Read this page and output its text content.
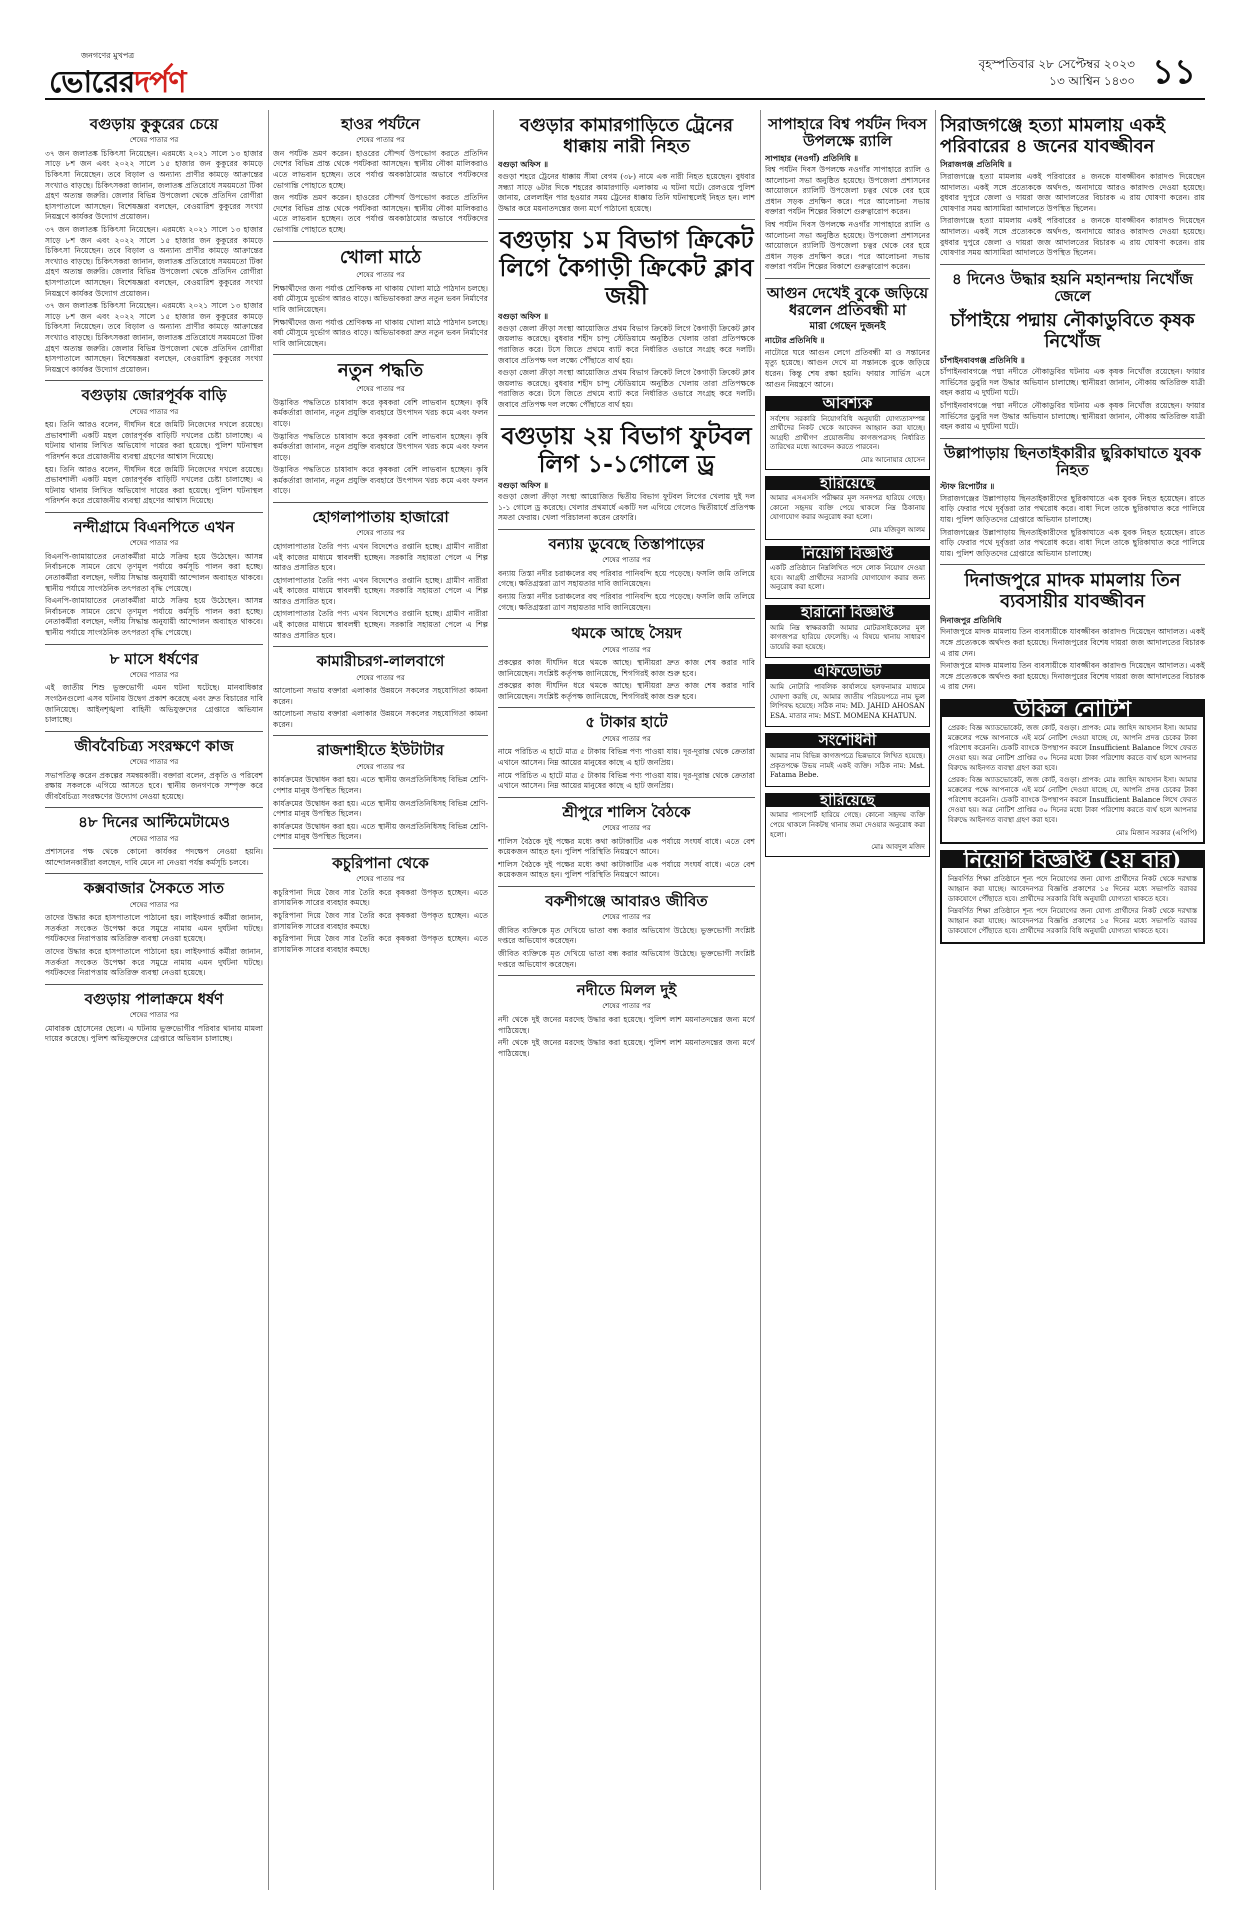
জনগণের মুখপত্র
ভোরেরদর্পণ
বৃহস্পতিবার ২৮ সেপ্টেম্বর ২০২৩
১৩ আশ্বিন ১৪৩০ ১১
বগুড়ায় কুকুরের চেয়ে
শেষের পাতার পর

৩৭ জন জলাতঙ্ক চিকিৎসা নিয়েছেন। এরমধ্যে ২০২১ সালে ১৩ হাজার সাড়ে ৮শ জন এবং ২০২২ সালে ১৫ হাজার জন কুকুরের কামড়ে চিকিৎসা নিয়েছেন। তবে বিড়াল ও অন্যান্য প্রাণীর কামড়ে আক্রান্তের সংখ্যাও বাড়ছে। চিকিৎসকরা জানান, জলাতঙ্ক প্রতিরোধে সময়মতো টিকা গ্রহণ অত্যন্ত জরুরি। জেলার বিভিন্ন উপজেলা থেকে প্রতিদিন রোগীরা হাসপাতালে আসছেন। বিশেষজ্ঞরা বলছেন, বেওয়ারিশ কুকুরের সংখ্যা নিয়ন্ত্রণে কার্যকর উদ্যোগ প্রয়োজন।

৩৭ জন জলাতঙ্ক চিকিৎসা নিয়েছেন। এরমধ্যে ২০২১ সালে ১৩ হাজার সাড়ে ৮শ জন এবং ২০২২ সালে ১৫ হাজার জন কুকুরের কামড়ে চিকিৎসা নিয়েছেন। তবে বিড়াল ও অন্যান্য প্রাণীর কামড়ে আক্রান্তের সংখ্যাও বাড়ছে। চিকিৎসকরা জানান, জলাতঙ্ক প্রতিরোধে সময়মতো টিকা গ্রহণ অত্যন্ত জরুরি। জেলার বিভিন্ন উপজেলা থেকে প্রতিদিন রোগীরা হাসপাতালে আসছেন। বিশেষজ্ঞরা বলছেন, বেওয়ারিশ কুকুরের সংখ্যা নিয়ন্ত্রণে কার্যকর উদ্যোগ প্রয়োজন।

৩৭ জন জলাতঙ্ক চিকিৎসা নিয়েছেন। এরমধ্যে ২০২১ সালে ১৩ হাজার সাড়ে ৮শ জন এবং ২০২২ সালে ১৫ হাজার জন কুকুরের কামড়ে চিকিৎসা নিয়েছেন। তবে বিড়াল ও অন্যান্য প্রাণীর কামড়ে আক্রান্তের সংখ্যাও বাড়ছে। চিকিৎসকরা জানান, জলাতঙ্ক প্রতিরোধে সময়মতো টিকা গ্রহণ অত্যন্ত জরুরি। জেলার বিভিন্ন উপজেলা থেকে প্রতিদিন রোগীরা হাসপাতালে আসছেন। বিশেষজ্ঞরা বলছেন, বেওয়ারিশ কুকুরের সংখ্যা নিয়ন্ত্রণে কার্যকর উদ্যোগ প্রয়োজন।

বগুড়ায় জোরপূর্বক বাড়ি
শেষের পাতার পর

হয়। তিনি আরও বলেন, দীর্ঘদিন ধরে জমিটি নিজেদের দখলে রয়েছে। প্রভাবশালী একটি মহল জোরপূর্বক বাড়িটি দখলের চেষ্টা চালাচ্ছে। এ ঘটনায় থানায় লিখিত অভিযোগ দায়ের করা হয়েছে। পুলিশ ঘটনাস্থল পরিদর্শন করে প্রয়োজনীয় ব্যবস্থা গ্রহণের আশ্বাস দিয়েছে।

হয়। তিনি আরও বলেন, দীর্ঘদিন ধরে জমিটি নিজেদের দখলে রয়েছে। প্রভাবশালী একটি মহল জোরপূর্বক বাড়িটি দখলের চেষ্টা চালাচ্ছে। এ ঘটনায় থানায় লিখিত অভিযোগ দায়ের করা হয়েছে। পুলিশ ঘটনাস্থল পরিদর্শন করে প্রয়োজনীয় ব্যবস্থা গ্রহণের আশ্বাস দিয়েছে।

নন্দীগ্রামে বিএনপিতে এখন
শেষের পাতার পর

বিএনপি-জামায়াতের নেতাকর্মীরা মাঠে সক্রিয় হয়ে উঠেছেন। আসন্ন নির্বাচনকে সামনে রেখে তৃণমূল পর্যায়ে কর্মসূচি পালন করা হচ্ছে। নেতাকর্মীরা বলছেন, দলীয় সিদ্ধান্ত অনুযায়ী আন্দোলন অব্যাহত থাকবে। স্থানীয় পর্যায়ে সাংগঠনিক তৎপরতা বৃদ্ধি পেয়েছে।

বিএনপি-জামায়াতের নেতাকর্মীরা মাঠে সক্রিয় হয়ে উঠেছেন। আসন্ন নির্বাচনকে সামনে রেখে তৃণমূল পর্যায়ে কর্মসূচি পালন করা হচ্ছে। নেতাকর্মীরা বলছেন, দলীয় সিদ্ধান্ত অনুযায়ী আন্দোলন অব্যাহত থাকবে। স্থানীয় পর্যায়ে সাংগঠনিক তৎপরতা বৃদ্ধি পেয়েছে।

৮ মাসে ধর্ষণের
শেষের পাতার পর

এই জাতীয় শিশু ভুক্তভোগী এমন ঘটনা ঘটেছে। মানবাধিকার সংগঠনগুলো এসব ঘটনায় উদ্বেগ প্রকাশ করেছে এবং দ্রুত বিচারের দাবি জানিয়েছে। আইনশৃঙ্খলা বাহিনী অভিযুক্তদের গ্রেপ্তারে অভিযান চালাচ্ছে।

জীববৈচিত্র্য সংরক্ষণে কাজ
শেষের পাতার পর

সভাপতিত্ব করেন প্রকল্পের সমন্বয়কারী। বক্তারা বলেন, প্রকৃতি ও পরিবেশ রক্ষায় সকলকে এগিয়ে আসতে হবে। স্থানীয় জনগণকে সম্পৃক্ত করে জীববৈচিত্র্য সংরক্ষণের উদ্যোগ নেওয়া হয়েছে।

৪৮ দিনের আল্টিমেটামেও
শেষের পাতার পর

প্রশাসনের পক্ষ থেকে কোনো কার্যকর পদক্ষেপ নেওয়া হয়নি। আন্দোলনকারীরা বলছেন, দাবি মেনে না নেওয়া পর্যন্ত কর্মসূচি চলবে।

কক্সবাজার সৈকতে সাত
শেষের পাতার পর

তাদের উদ্ধার করে হাসপাতালে পাঠানো হয়। লাইফগার্ড কর্মীরা জানান, সতর্কতা সংকেত উপেক্ষা করে সমুদ্রে নামায় এমন দুর্ঘটনা ঘটছে। পর্যটকদের নিরাপত্তায় অতিরিক্ত ব্যবস্থা নেওয়া হয়েছে।

তাদের উদ্ধার করে হাসপাতালে পাঠানো হয়। লাইফগার্ড কর্মীরা জানান, সতর্কতা সংকেত উপেক্ষা করে সমুদ্রে নামায় এমন দুর্ঘটনা ঘটছে। পর্যটকদের নিরাপত্তায় অতিরিক্ত ব্যবস্থা নেওয়া হয়েছে।

বগুড়ায় পালাক্রমে ধর্ষণ
শেষের পাতার পর

মোবারক হোসেনের ছেলে। এ ঘটনায় ভুক্তভোগীর পরিবার থানায় মামলা দায়ের করেছে। পুলিশ অভিযুক্তদের গ্রেপ্তারে অভিযান চালাচ্ছে।

হাওর পর্যটনে
শেষের পাতার পর

জন পর্যটক ভ্রমণ করেন। হাওরের সৌন্দর্য উপভোগ করতে প্রতিদিন দেশের বিভিন্ন প্রান্ত থেকে পর্যটকরা আসছেন। স্থানীয় নৌকা মালিকরাও এতে লাভবান হচ্ছেন। তবে পর্যাপ্ত অবকাঠামোর অভাবে পর্যটকদের ভোগান্তি পোহাতে হচ্ছে।

জন পর্যটক ভ্রমণ করেন। হাওরের সৌন্দর্য উপভোগ করতে প্রতিদিন দেশের বিভিন্ন প্রান্ত থেকে পর্যটকরা আসছেন। স্থানীয় নৌকা মালিকরাও এতে লাভবান হচ্ছেন। তবে পর্যাপ্ত অবকাঠামোর অভাবে পর্যটকদের ভোগান্তি পোহাতে হচ্ছে।

খোলা মাঠে
শেষের পাতার পর

শিক্ষার্থীদের জন্য পর্যাপ্ত শ্রেণিকক্ষ না থাকায় খোলা মাঠে পাঠদান চলছে। বর্ষা মৌসুমে দুর্ভোগ আরও বাড়ে। অভিভাবকরা দ্রুত নতুন ভবন নির্মাণের দাবি জানিয়েছেন।

শিক্ষার্থীদের জন্য পর্যাপ্ত শ্রেণিকক্ষ না থাকায় খোলা মাঠে পাঠদান চলছে। বর্ষা মৌসুমে দুর্ভোগ আরও বাড়ে। অভিভাবকরা দ্রুত নতুন ভবন নির্মাণের দাবি জানিয়েছেন।

নতুন পদ্ধতি
শেষের পাতার পর

উদ্ভাবিত পদ্ধতিতে চাষাবাদ করে কৃষকরা বেশি লাভবান হচ্ছেন। কৃষি কর্মকর্তারা জানান, নতুন প্রযুক্তি ব্যবহারে উৎপাদন খরচ কমে এবং ফলন বাড়ে।

উদ্ভাবিত পদ্ধতিতে চাষাবাদ করে কৃষকরা বেশি লাভবান হচ্ছেন। কৃষি কর্মকর্তারা জানান, নতুন প্রযুক্তি ব্যবহারে উৎপাদন খরচ কমে এবং ফলন বাড়ে।

উদ্ভাবিত পদ্ধতিতে চাষাবাদ করে কৃষকরা বেশি লাভবান হচ্ছেন। কৃষি কর্মকর্তারা জানান, নতুন প্রযুক্তি ব্যবহারে উৎপাদন খরচ কমে এবং ফলন বাড়ে।

হোগলাপাতায় হাজারো
শেষের পাতার পর

হোগলাপাতার তৈরি পণ্য এখন বিদেশেও রপ্তানি হচ্ছে। গ্রামীণ নারীরা এই কাজের মাধ্যমে স্বাবলম্বী হচ্ছেন। সরকারি সহায়তা পেলে এ শিল্প আরও প্রসারিত হবে।

হোগলাপাতার তৈরি পণ্য এখন বিদেশেও রপ্তানি হচ্ছে। গ্রামীণ নারীরা এই কাজের মাধ্যমে স্বাবলম্বী হচ্ছেন। সরকারি সহায়তা পেলে এ শিল্প আরও প্রসারিত হবে।

হোগলাপাতার তৈরি পণ্য এখন বিদেশেও রপ্তানি হচ্ছে। গ্রামীণ নারীরা এই কাজের মাধ্যমে স্বাবলম্বী হচ্ছেন। সরকারি সহায়তা পেলে এ শিল্প আরও প্রসারিত হবে।

কামারীচরগ-লালবাগে
শেষের পাতার পর

আলোচনা সভায় বক্তারা এলাকার উন্নয়নে সকলের সহযোগিতা কামনা করেন।

আলোচনা সভায় বক্তারা এলাকার উন্নয়নে সকলের সহযোগিতা কামনা করেন।

রাজশাহীতে ইউটাটার
শেষের পাতার পর

কার্যক্রমের উদ্বোধন করা হয়। এতে স্থানীয় জনপ্রতিনিধিসহ বিভিন্ন শ্রেণি-পেশার মানুষ উপস্থিত ছিলেন।

কার্যক্রমের উদ্বোধন করা হয়। এতে স্থানীয় জনপ্রতিনিধিসহ বিভিন্ন শ্রেণি-পেশার মানুষ উপস্থিত ছিলেন।

কার্যক্রমের উদ্বোধন করা হয়। এতে স্থানীয় জনপ্রতিনিধিসহ বিভিন্ন শ্রেণি-পেশার মানুষ উপস্থিত ছিলেন।

কচুরিপানা থেকে
শেষের পাতার পর

কচুরিপানা দিয়ে জৈব সার তৈরি করে কৃষকরা উপকৃত হচ্ছেন। এতে রাসায়নিক সারের ব্যবহার কমছে।

কচুরিপানা দিয়ে জৈব সার তৈরি করে কৃষকরা উপকৃত হচ্ছেন। এতে রাসায়নিক সারের ব্যবহার কমছে।

কচুরিপানা দিয়ে জৈব সার তৈরি করে কৃষকরা উপকৃত হচ্ছেন। এতে রাসায়নিক সারের ব্যবহার কমছে।

বগুড়ার কামারগাড়িতে ট্রেনের ধাক্কায় নারী নিহত
বগুড়া অফিস ॥

বগুড়া শহরে ট্রেনের ধাক্কায় সীমা বেগম (৩৮) নামে এক নারী নিহত হয়েছেন। বুধবার সন্ধ্যা সাড়ে ৬টার দিকে শহরের কামারগাড়ি এলাকায় এ ঘটনা ঘটে। রেলওয়ে পুলিশ জানায়, রেললাইন পার হওয়ার সময় ট্রেনের ধাক্কায় তিনি ঘটনাস্থলেই নিহত হন। লাশ উদ্ধার করে ময়নাতদন্তের জন্য মর্গে পাঠানো হয়েছে।

বগুড়ায় ১ম বিভাগ ক্রিকেট লিগে কৈগাড়ী ক্রিকেট ক্লাব জয়ী
বগুড়া অফিস ॥

বগুড়া জেলা ক্রীড়া সংস্থা আয়োজিত প্রথম বিভাগ ক্রিকেট লিগে কৈগাড়ী ক্রিকেট ক্লাব জয়লাভ করেছে। বুধবার শহীদ চান্দু স্টেডিয়ামে অনুষ্ঠিত খেলায় তারা প্রতিপক্ষকে পরাজিত করে। টসে জিতে প্রথমে ব্যাট করে নির্ধারিত ওভারে সংগ্রহ করে দলটি। জবাবে প্রতিপক্ষ দল লক্ষ্যে পৌঁছাতে ব্যর্থ হয়।

বগুড়া জেলা ক্রীড়া সংস্থা আয়োজিত প্রথম বিভাগ ক্রিকেট লিগে কৈগাড়ী ক্রিকেট ক্লাব জয়লাভ করেছে। বুধবার শহীদ চান্দু স্টেডিয়ামে অনুষ্ঠিত খেলায় তারা প্রতিপক্ষকে পরাজিত করে। টসে জিতে প্রথমে ব্যাট করে নির্ধারিত ওভারে সংগ্রহ করে দলটি। জবাবে প্রতিপক্ষ দল লক্ষ্যে পৌঁছাতে ব্যর্থ হয়।

বগুড়ায় ২য় বিভাগ ফুটবল লিগ ১-১গোলে ড্র
বগুড়া অফিস ॥

বগুড়া জেলা ক্রীড়া সংস্থা আয়োজিত দ্বিতীয় বিভাগ ফুটবল লিগের খেলায় দুই দল ১-১ গোলে ড্র করেছে। খেলার প্রথমার্ধে একটি দল এগিয়ে গেলেও দ্বিতীয়ার্ধে প্রতিপক্ষ সমতা ফেরায়। খেলা পরিচালনা করেন রেফারি।

বন্যায় ডুবেছে তিস্তাপাড়ের
শেষের পাতার পর

বন্যায় তিস্তা নদীর চরাঞ্চলের বহু পরিবার পানিবন্দি হয়ে পড়েছে। ফসলি জমি তলিয়ে গেছে। ক্ষতিগ্রস্তরা ত্রাণ সহায়তার দাবি জানিয়েছেন।

বন্যায় তিস্তা নদীর চরাঞ্চলের বহু পরিবার পানিবন্দি হয়ে পড়েছে। ফসলি জমি তলিয়ে গেছে। ক্ষতিগ্রস্তরা ত্রাণ সহায়তার দাবি জানিয়েছেন।

থমকে আছে সৈয়দ
শেষের পাতার পর

প্রকল্পের কাজ দীর্ঘদিন ধরে থমকে আছে। স্থানীয়রা দ্রুত কাজ শেষ করার দাবি জানিয়েছেন। সংশ্লিষ্ট কর্তৃপক্ষ জানিয়েছে, শিগগিরই কাজ শুরু হবে।

প্রকল্পের কাজ দীর্ঘদিন ধরে থমকে আছে। স্থানীয়রা দ্রুত কাজ শেষ করার দাবি জানিয়েছেন। সংশ্লিষ্ট কর্তৃপক্ষ জানিয়েছে, শিগগিরই কাজ শুরু হবে।

৫ টাকার হাটে
শেষের পাতার পর

নামে পরিচিত এ হাটে মাত্র ৫ টাকায় বিভিন্ন পণ্য পাওয়া যায়। দূর-দূরান্ত থেকে ক্রেতারা এখানে আসেন। নিম্ন আয়ের মানুষের কাছে এ হাট জনপ্রিয়।

নামে পরিচিত এ হাটে মাত্র ৫ টাকায় বিভিন্ন পণ্য পাওয়া যায়। দূর-দূরান্ত থেকে ক্রেতারা এখানে আসেন। নিম্ন আয়ের মানুষের কাছে এ হাট জনপ্রিয়।

শ্রীপুরে শালিস বৈঠকে
শেষের পাতার পর

শালিস বৈঠকে দুই পক্ষের মধ্যে কথা কাটাকাটির এক পর্যায়ে সংঘর্ষ বাধে। এতে বেশ কয়েকজন আহত হন। পুলিশ পরিস্থিতি নিয়ন্ত্রণে আনে।

শালিস বৈঠকে দুই পক্ষের মধ্যে কথা কাটাকাটির এক পর্যায়ে সংঘর্ষ বাধে। এতে বেশ কয়েকজন আহত হন। পুলিশ পরিস্থিতি নিয়ন্ত্রণে আনে।

বকশীগঞ্জে আবারও জীবিত
শেষের পাতার পর

জীবিত ব্যক্তিকে মৃত দেখিয়ে ভাতা বন্ধ করার অভিযোগ উঠেছে। ভুক্তভোগী সংশ্লিষ্ট দপ্তরে অভিযোগ করেছেন।

জীবিত ব্যক্তিকে মৃত দেখিয়ে ভাতা বন্ধ করার অভিযোগ উঠেছে। ভুক্তভোগী সংশ্লিষ্ট দপ্তরে অভিযোগ করেছেন।

নদীতে মিলল দুই
শেষের পাতার পর

নদী থেকে দুই জনের মরদেহ উদ্ধার করা হয়েছে। পুলিশ লাশ ময়নাতদন্তের জন্য মর্গে পাঠিয়েছে।

নদী থেকে দুই জনের মরদেহ উদ্ধার করা হয়েছে। পুলিশ লাশ ময়নাতদন্তের জন্য মর্গে পাঠিয়েছে।

সাপাহারে বিশ্ব পর্যটন দিবস উপলক্ষে র‌্যালি
সাপাহার (নওগাঁ) প্রতিনিধি ॥

বিশ্ব পর্যটন দিবস উপলক্ষে নওগাঁর সাপাহারে র‌্যালি ও আলোচনা সভা অনুষ্ঠিত হয়েছে। উপজেলা প্রশাসনের আয়োজনে র‌্যালিটি উপজেলা চত্বর থেকে বের হয়ে প্রধান সড়ক প্রদক্ষিণ করে। পরে আলোচনা সভায় বক্তারা পর্যটন শিল্পের বিকাশে গুরুত্বারোপ করেন।

বিশ্ব পর্যটন দিবস উপলক্ষে নওগাঁর সাপাহারে র‌্যালি ও আলোচনা সভা অনুষ্ঠিত হয়েছে। উপজেলা প্রশাসনের আয়োজনে র‌্যালিটি উপজেলা চত্বর থেকে বের হয়ে প্রধান সড়ক প্রদক্ষিণ করে। পরে আলোচনা সভায় বক্তারা পর্যটন শিল্পের বিকাশে গুরুত্বারোপ করেন।

আগুন দেখেই বুকে জড়িয়ে ধরলেন প্রতিবন্ধী মা
মারা গেছেন দুজনই
নাটোর প্রতিনিধি ॥

নাটোরে ঘরে আগুন লেগে প্রতিবন্ধী মা ও সন্তানের মৃত্যু হয়েছে। আগুন দেখে মা সন্তানকে বুকে জড়িয়ে ধরেন। কিন্তু শেষ রক্ষা হয়নি। ফায়ার সার্ভিস এসে আগুন নিয়ন্ত্রণে আনে।

আবশ্যক

সর্বশেষ সরকারি নিয়োগবিধি অনুযায়ী যোগ্যতাসম্পন্ন প্রার্থীদের নিকট থেকে আবেদন আহ্বান করা যাচ্ছে। আগ্রহী প্রার্থীগণ প্রয়োজনীয় কাগজপত্রসহ নির্ধারিত তারিখের মধ্যে আবেদন করতে পারবেন।

মোঃ আনোয়ার হোসেন
হারিয়েছে

আমার এসএসসি পরীক্ষার মূল সনদপত্র হারিয়ে গেছে। কোনো সহৃদয় ব্যক্তি পেয়ে থাকলে নিম্ন ঠিকানায় যোগাযোগ করার অনুরোধ করা হলো।

মোঃ মজিবুল আলম
নিয়োগ বিজ্ঞপ্তি

একটি প্রতিষ্ঠানে নিম্নলিখিত পদে লোক নিয়োগ দেওয়া হবে। আগ্রহী প্রার্থীদের সরাসরি যোগাযোগ করার জন্য অনুরোধ করা হলো।

হারানো বিজ্ঞপ্তি

আমি নিম্ন স্বাক্ষরকারী আমার মোটরসাইকেলের মূল কাগজপত্র হারিয়ে ফেলেছি। এ বিষয়ে থানায় সাধারণ ডায়েরি করা হয়েছে।

এফিডেভিট

আমি নোটারি পাবলিক কার্যালয়ে হলফনামার মাধ্যমে ঘোষণা করছি যে, আমার জাতীয় পরিচয়পত্রে নাম ভুল লিপিবদ্ধ হয়েছে। সঠিক নাম: MD. JAHID AHOSAN ESA. মাতার নাম: MST. MOMENA KHATUN.

সংশোধনী

আমার নাম বিভিন্ন কাগজপত্রে ভিন্নভাবে লিখিত হয়েছে। প্রকৃতপক্ষে উভয় নামই একই ব্যক্তি। সঠিক নাম: Mst. Fatama Bebe.

হারিয়েছে

আমার পাসপোর্ট হারিয়ে গেছে। কোনো সহৃদয় ব্যক্তি পেয়ে থাকলে নিকটস্থ থানায় জমা দেওয়ার অনুরোধ করা হলো।

মোঃ আবদুল মজিদ
সিরাজগঞ্জে হত্যা মামলায় একই পরিবারের ৪ জনের যাবজ্জীবন
সিরাজগঞ্জ প্রতিনিধি ॥

সিরাজগঞ্জে হত্যা মামলায় একই পরিবারের ৪ জনকে যাবজ্জীবন কারাদণ্ড দিয়েছেন আদালত। একই সঙ্গে প্রত্যেককে অর্থদণ্ড, অনাদায়ে আরও কারাদণ্ড দেওয়া হয়েছে। বুধবার দুপুরে জেলা ও দায়রা জজ আদালতের বিচারক এ রায় ঘোষণা করেন। রায় ঘোষণার সময় আসামিরা আদালতে উপস্থিত ছিলেন।

সিরাজগঞ্জে হত্যা মামলায় একই পরিবারের ৪ জনকে যাবজ্জীবন কারাদণ্ড দিয়েছেন আদালত। একই সঙ্গে প্রত্যেককে অর্থদণ্ড, অনাদায়ে আরও কারাদণ্ড দেওয়া হয়েছে। বুধবার দুপুরে জেলা ও দায়রা জজ আদালতের বিচারক এ রায় ঘোষণা করেন। রায় ঘোষণার সময় আসামিরা আদালতে উপস্থিত ছিলেন।

৪ দিনেও উদ্ধার হয়নি মহানন্দায় নিখোঁজ জেলে
চাঁপাইয়ে পদ্মায় নৌকাডুবিতে কৃষক নিখোঁজ
চাঁপাইনবাবগঞ্জ প্রতিনিধি ॥

চাঁপাইনবাবগঞ্জে পদ্মা নদীতে নৌকাডুবির ঘটনায় এক কৃষক নিখোঁজ রয়েছেন। ফায়ার সার্ভিসের ডুবুরি দল উদ্ধার অভিযান চালাচ্ছে। স্থানীয়রা জানান, নৌকায় অতিরিক্ত যাত্রী বহন করায় এ দুর্ঘটনা ঘটে।

চাঁপাইনবাবগঞ্জে পদ্মা নদীতে নৌকাডুবির ঘটনায় এক কৃষক নিখোঁজ রয়েছেন। ফায়ার সার্ভিসের ডুবুরি দল উদ্ধার অভিযান চালাচ্ছে। স্থানীয়রা জানান, নৌকায় অতিরিক্ত যাত্রী বহন করায় এ দুর্ঘটনা ঘটে।

উল্লাপাড়ায় ছিনতাইকারীর ছুরিকাঘাতে যুবক নিহত
স্টাফ রিপোর্টার ॥

সিরাজগঞ্জের উল্লাপাড়ায় ছিনতাইকারীদের ছুরিকাঘাতে এক যুবক নিহত হয়েছেন। রাতে বাড়ি ফেরার পথে দুর্বৃত্তরা তার পথরোধ করে। বাধা দিলে তাকে ছুরিকাঘাত করে পালিয়ে যায়। পুলিশ জড়িতদের গ্রেপ্তারে অভিযান চালাচ্ছে।

সিরাজগঞ্জের উল্লাপাড়ায় ছিনতাইকারীদের ছুরিকাঘাতে এক যুবক নিহত হয়েছেন। রাতে বাড়ি ফেরার পথে দুর্বৃত্তরা তার পথরোধ করে। বাধা দিলে তাকে ছুরিকাঘাত করে পালিয়ে যায়। পুলিশ জড়িতদের গ্রেপ্তারে অভিযান চালাচ্ছে।

দিনাজপুরে মাদক মামলায় তিন ব্যবসায়ীর যাবজ্জীবন
দিনাজপুর প্রতিনিধি

দিনাজপুরে মাদক মামলায় তিন ব্যবসায়ীকে যাবজ্জীবন কারাদণ্ড দিয়েছেন আদালত। একই সঙ্গে প্রত্যেককে অর্থদণ্ড করা হয়েছে। দিনাজপুরের বিশেষ দায়রা জজ আদালতের বিচারক এ রায় দেন।

দিনাজপুরে মাদক মামলায় তিন ব্যবসায়ীকে যাবজ্জীবন কারাদণ্ড দিয়েছেন আদালত। একই সঙ্গে প্রত্যেককে অর্থদণ্ড করা হয়েছে। দিনাজপুরের বিশেষ দায়রা জজ আদালতের বিচারক এ রায় দেন।

উকিল নোটিশ

প্রেরক: বিজ্ঞ অ্যাডভোকেট, জজ কোর্ট, বগুড়া। প্রাপক: মোঃ জাহিদ আহসান ইসা। আমার মক্কেলের পক্ষে আপনাকে এই মর্মে নোটিশ দেওয়া যাচ্ছে যে, আপনি প্রদত্ত চেকের টাকা পরিশোধ করেননি। চেকটি ব্যাংকে উপস্থাপন করলে Insufficient Balance লিখে ফেরত দেওয়া হয়। অত্র নোটিশ প্রাপ্তির ৩০ দিনের মধ্যে টাকা পরিশোধ করতে ব্যর্থ হলে আপনার বিরুদ্ধে আইনগত ব্যবস্থা গ্রহণ করা হবে।

প্রেরক: বিজ্ঞ অ্যাডভোকেট, জজ কোর্ট, বগুড়া। প্রাপক: মোঃ জাহিদ আহসান ইসা। আমার মক্কেলের পক্ষে আপনাকে এই মর্মে নোটিশ দেওয়া যাচ্ছে যে, আপনি প্রদত্ত চেকের টাকা পরিশোধ করেননি। চেকটি ব্যাংকে উপস্থাপন করলে Insufficient Balance লিখে ফেরত দেওয়া হয়। অত্র নোটিশ প্রাপ্তির ৩০ দিনের মধ্যে টাকা পরিশোধ করতে ব্যর্থ হলে আপনার বিরুদ্ধে আইনগত ব্যবস্থা গ্রহণ করা হবে।

মোঃ মিজান সরকার (এপিপি)
নিয়োগ বিজ্ঞপ্তি (২য় বার)

নিম্নবর্ণিত শিক্ষা প্রতিষ্ঠানে শূন্য পদে নিয়োগের জন্য যোগ্য প্রার্থীদের নিকট থেকে দরখাস্ত আহ্বান করা যাচ্ছে। আবেদনপত্র বিজ্ঞপ্তি প্রকাশের ১৫ দিনের মধ্যে সভাপতি বরাবর ডাকযোগে পৌঁছাতে হবে। প্রার্থীদের সরকারি বিধি অনুযায়ী যোগ্যতা থাকতে হবে।

নিম্নবর্ণিত শিক্ষা প্রতিষ্ঠানে শূন্য পদে নিয়োগের জন্য যোগ্য প্রার্থীদের নিকট থেকে দরখাস্ত আহ্বান করা যাচ্ছে। আবেদনপত্র বিজ্ঞপ্তি প্রকাশের ১৫ দিনের মধ্যে সভাপতি বরাবর ডাকযোগে পৌঁছাতে হবে। প্রার্থীদের সরকারি বিধি অনুযায়ী যোগ্যতা থাকতে হবে।
